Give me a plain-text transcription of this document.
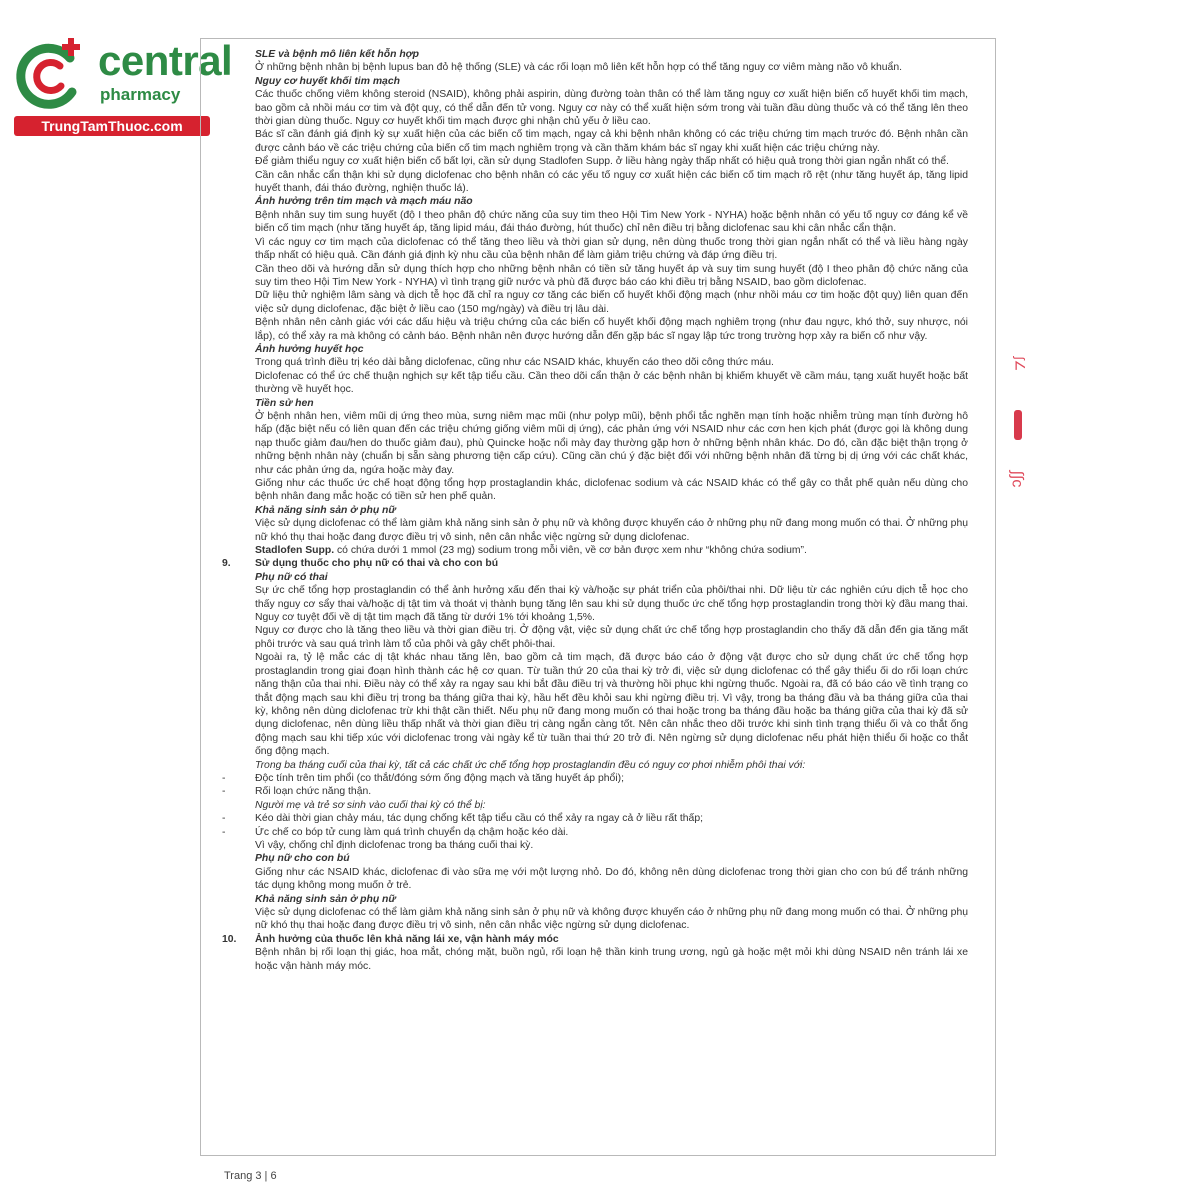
central
pharmacy
TrungTamThuoc.com

SLE và bệnh mô liên kết hỗn hợp

Ở những bệnh nhân bị bệnh lupus ban đỏ hệ thống (SLE) và các rối loạn mô liên kết hỗn hợp có thể tăng nguy cơ viêm màng não vô khuẩn.

Nguy cơ huyết khối tim mạch

Các thuốc chống viêm không steroid (NSAID), không phải aspirin, dùng đường toàn thân có thể làm tăng nguy cơ xuất hiện biến cố huyết khối tim mạch, bao gồm cả nhồi máu cơ tim và đột quỵ, có thể dẫn đến tử vong. Nguy cơ này có thể xuất hiện sớm trong vài tuần đầu dùng thuốc và có thể tăng lên theo thời gian dùng thuốc. Nguy cơ huyết khối tim mạch được ghi nhận chủ yếu ở liều cao.

Bác sĩ cần đánh giá định kỳ sự xuất hiện của các biến cố tim mạch, ngay cả khi bệnh nhân không có các triệu chứng tim mạch trước đó. Bệnh nhân cần được cảnh báo về các triệu chứng của biến cố tim mạch nghiêm trọng và cần thăm khám bác sĩ ngay khi xuất hiện các triệu chứng này.

Để giảm thiểu nguy cơ xuất hiện biến cố bất lợi, cần sử dụng Stadlofen Supp. ở liều hàng ngày thấp nhất có hiệu quả trong thời gian ngắn nhất có thể.

Cần cân nhắc cẩn thận khi sử dụng diclofenac cho bệnh nhân có các yếu tố nguy cơ xuất hiện các biến cố tim mạch rõ rệt (như tăng huyết áp, tăng lipid huyết thanh, đái tháo đường, nghiện thuốc lá).

Ảnh hưởng trên tim mạch và mạch máu não

Bệnh nhân suy tim sung huyết (độ I theo phân độ chức năng của suy tim theo Hội Tim New York - NYHA) hoặc bệnh nhân có yếu tố nguy cơ đáng kể về biến cố tim mạch (như tăng huyết áp, tăng lipid máu, đái tháo đường, hút thuốc) chỉ nên điều trị bằng diclofenac sau khi cân nhắc cẩn thận.

Vì các nguy cơ tim mạch của diclofenac có thể tăng theo liều và thời gian sử dụng, nên dùng thuốc trong thời gian ngắn nhất có thể và liều hàng ngày thấp nhất có hiệu quả. Cần đánh giá định kỳ nhu cầu của bệnh nhân để làm giảm triệu chứng và đáp ứng điều trị.

Cần theo dõi và hướng dẫn sử dụng thích hợp cho những bệnh nhân có tiền sử tăng huyết áp và suy tim sung huyết (độ I theo phân độ chức năng của suy tim theo Hội Tim New York - NYHA) vì tình trạng giữ nước và phù đã được báo cáo khi điều trị bằng NSAID, bao gồm diclofenac.

Dữ liệu thử nghiệm lâm sàng và dịch tễ học đã chỉ ra nguy cơ tăng các biến cố huyết khối động mạch (như nhồi máu cơ tim hoặc đột quỵ) liên quan đến việc sử dụng diclofenac, đặc biệt ở liều cao (150 mg/ngày) và điều trị lâu dài.

Bệnh nhân nên cảnh giác với các dấu hiệu và triệu chứng của các biến cố huyết khối động mạch nghiêm trọng (như đau ngực, khó thở, suy nhược, nói lắp), có thể xảy ra mà không có cảnh báo. Bệnh nhân nên được hướng dẫn đến gặp bác sĩ ngay lập tức trong trường hợp xảy ra biến cố như vậy.

Ảnh hưởng huyết học

Trong quá trình điều trị kéo dài bằng diclofenac, cũng như các NSAID khác, khuyến cáo theo dõi công thức máu.

Diclofenac có thể ức chế thuận nghịch sự kết tập tiểu cầu. Cần theo dõi cẩn thận ở các bệnh nhân bị khiếm khuyết về cầm máu, tạng xuất huyết hoặc bất thường về huyết học.

Tiền sử hen

Ở bệnh nhân hen, viêm mũi dị ứng theo mùa, sưng niêm mạc mũi (như polyp mũi), bệnh phổi tắc nghẽn mạn tính hoặc nhiễm trùng mạn tính đường hô hấp (đặc biệt nếu có liên quan đến các triệu chứng giống viêm mũi dị ứng), các phản ứng với NSAID như các cơn hen kịch phát (được gọi là không dung nạp thuốc giảm đau/hen do thuốc giảm đau), phù Quincke hoặc nổi mày đay thường gặp hơn ở những bệnh nhân khác. Do đó, cần đặc biệt thận trọng ở những bệnh nhân này (chuẩn bị sẵn sàng phương tiện cấp cứu). Cũng cần chú ý đặc biệt đối với những bệnh nhân đã từng bị dị ứng với các chất khác, như các phản ứng da, ngứa hoặc mày đay.

Giống như các thuốc ức chế hoạt động tổng hợp prostaglandin khác, diclofenac sodium và các NSAID khác có thể gây co thắt phế quản nếu dùng cho bệnh nhân đang mắc hoặc có tiền sử hen phế quản.

Khả năng sinh sản ở phụ nữ

Việc sử dụng diclofenac có thể làm giảm khả năng sinh sản ở phụ nữ và không được khuyến cáo ở những phụ nữ đang mong muốn có thai. Ở những phụ nữ khó thụ thai hoặc đang được điều trị vô sinh, nên cân nhắc việc ngừng sử dụng diclofenac.

Stadlofen Supp. có chứa dưới 1 mmol (23 mg) sodium trong mỗi viên, về cơ bản được xem như “không chứa sodium”.

9.	Sử dụng thuốc cho phụ nữ có thai và cho con bú

Phụ nữ có thai

Sự ức chế tổng hợp prostaglandin có thể ảnh hưởng xấu đến thai kỳ và/hoặc sự phát triển của phôi/thai nhi. Dữ liệu từ các nghiên cứu dịch tễ học cho thấy nguy cơ sẩy thai và/hoặc dị tật tim và thoát vị thành bụng tăng lên sau khi sử dụng thuốc ức chế tổng hợp prostaglandin trong thời kỳ đầu mang thai. Nguy cơ tuyệt đối về dị tật tim mạch đã tăng từ dưới 1% tới khoảng 1,5%.

Nguy cơ được cho là tăng theo liều và thời gian điều trị. Ở động vật, việc sử dụng chất ức chế tổng hợp prostaglandin cho thấy đã dẫn đến gia tăng mất phôi trước và sau quá trình làm tổ của phôi và gây chết phôi-thai.

Ngoài ra, tỷ lệ mắc các dị tật khác nhau tăng lên, bao gồm cả tim mạch, đã được báo cáo ở động vật được cho sử dụng chất ức chế tổng hợp prostaglandin trong giai đoạn hình thành các hệ cơ quan. Từ tuần thứ 20 của thai kỳ trở đi, việc sử dụng diclofenac có thể gây thiểu ối do rối loạn chức năng thận của thai nhi. Điều này có thể xảy ra ngay sau khi bắt đầu điều trị và thường hồi phục khi ngừng thuốc. Ngoài ra, đã có báo cáo về tình trạng co thắt động mạch sau khi điều trị trong ba tháng giữa thai kỳ, hầu hết đều khỏi sau khi ngừng điều trị. Vì vậy, trong ba tháng đầu và ba tháng giữa của thai kỳ, không nên dùng diclofenac trừ khi thật cần thiết. Nếu phụ nữ đang mong muốn có thai hoặc trong ba tháng đầu hoặc ba tháng giữa của thai kỳ đã sử dụng diclofenac, nên dùng liều thấp nhất và thời gian điều trị càng ngắn càng tốt. Nên cân nhắc theo dõi trước khi sinh tình trạng thiểu ối và co thắt ống động mạch sau khi tiếp xúc với diclofenac trong vài ngày kể từ tuần thai thứ 20 trở đi. Nên ngừng sử dụng diclofenac nếu phát hiện thiểu ối hoặc co thắt ống động mạch.

Trong ba tháng cuối của thai kỳ, tất cả các chất ức chế tổng hợp prostaglandin đều có nguy cơ phơi nhiễm phôi thai với:

-	Độc tính trên tim phổi (co thắt/đóng sớm ống động mạch và tăng huyết áp phổi);
-	Rối loạn chức năng thận.

Người mẹ và trẻ sơ sinh vào cuối thai kỳ có thể bị:

-	Kéo dài thời gian chảy máu, tác dụng chống kết tập tiểu cầu có thể xảy ra ngay cả ở liều rất thấp;
-	Ức chế co bóp tử cung làm quá trình chuyển dạ chậm hoặc kéo dài.

Vì vậy, chống chỉ định diclofenac trong ba tháng cuối thai kỳ.

Phụ nữ cho con bú

Giống như các NSAID khác, diclofenac đi vào sữa mẹ với một lượng nhỏ. Do đó, không nên dùng diclofenac trong thời gian cho con bú để tránh những tác dụng không mong muốn ở trẻ.

Khả năng sinh sản ở phụ nữ

Việc sử dụng diclofenac có thể làm giảm khả năng sinh sản ở phụ nữ và không được khuyến cáo ở những phụ nữ đang mong muốn có thai. Ở những phụ nữ khó thụ thai hoặc đang được điều trị vô sinh, nên cân nhắc việc ngừng sử dụng diclofenac.

10.	Ảnh hưởng của thuốc lên khả năng lái xe, vận hành máy móc

Bệnh nhân bị rối loạn thị giác, hoa mắt, chóng mặt, buồn ngủ, rối loạn hệ thần kinh trung ương, ngủ gà hoặc mệt mỏi khi dùng NSAID nên tránh lái xe hoặc vận hành máy móc.

Trang 3 | 6
ʃ∠
∫∫c
